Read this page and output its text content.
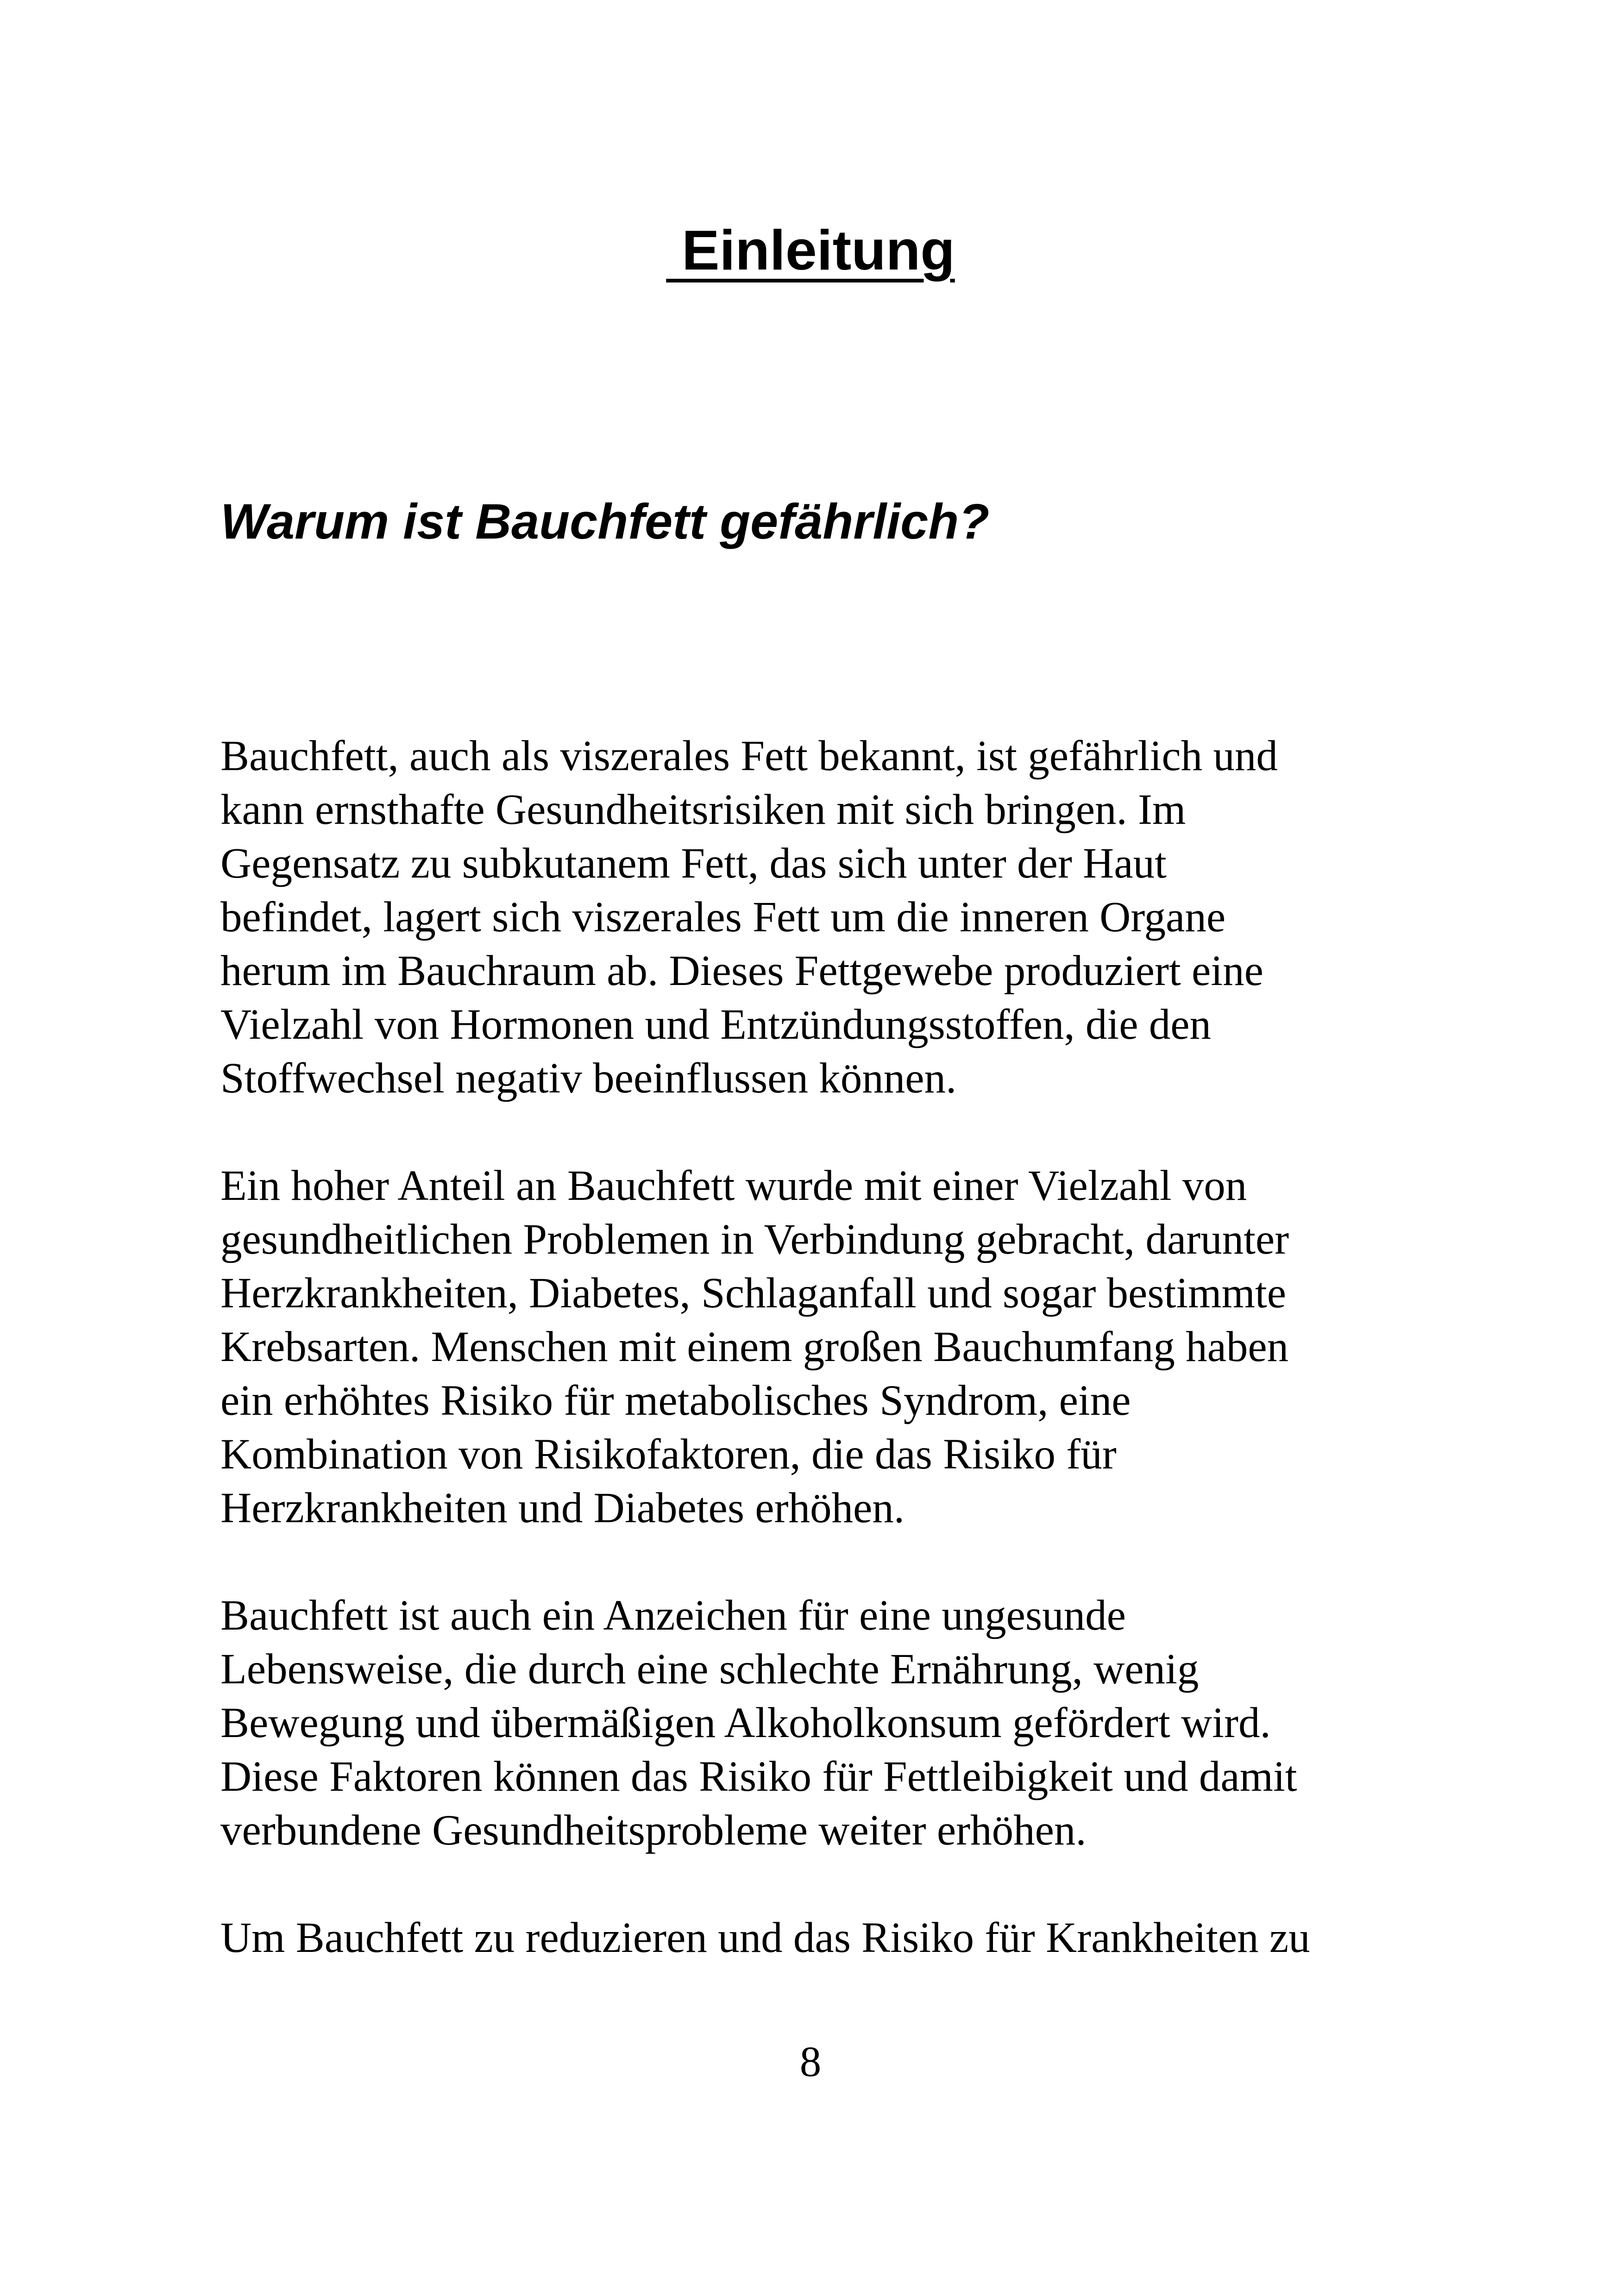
Einleitung
Warum ist Bauchfett gefährlich?

Bauchfett, auch als viszerales Fett bekannt, ist gefährlich und
kann ernsthafte Gesundheitsrisiken mit sich bringen. Im
Gegensatz zu subkutanem Fett, das sich unter der Haut
befindet, lagert sich viszerales Fett um die inneren Organe
herum im Bauchraum ab. Dieses Fettgewebe produziert eine
Vielzahl von Hormonen und Entzündungsstoffen, die den
Stoffwechsel negativ beeinflussen können.

Ein hoher Anteil an Bauchfett wurde mit einer Vielzahl von
gesundheitlichen Problemen in Verbindung gebracht, darunter
Herzkrankheiten, Diabetes, Schlaganfall und sogar bestimmte
Krebsarten. Menschen mit einem großen Bauchumfang haben
ein erhöhtes Risiko für metabolisches Syndrom, eine
Kombination von Risikofaktoren, die das Risiko für
Herzkrankheiten und Diabetes erhöhen.

Bauchfett ist auch ein Anzeichen für eine ungesunde
Lebensweise, die durch eine schlechte Ernährung, wenig
Bewegung und übermäßigen Alkoholkonsum gefördert wird.
Diese Faktoren können das Risiko für Fettleibigkeit und damit
verbundene Gesundheitsprobleme weiter erhöhen.

Um Bauchfett zu reduzieren und das Risiko für Krankheiten zu

8
